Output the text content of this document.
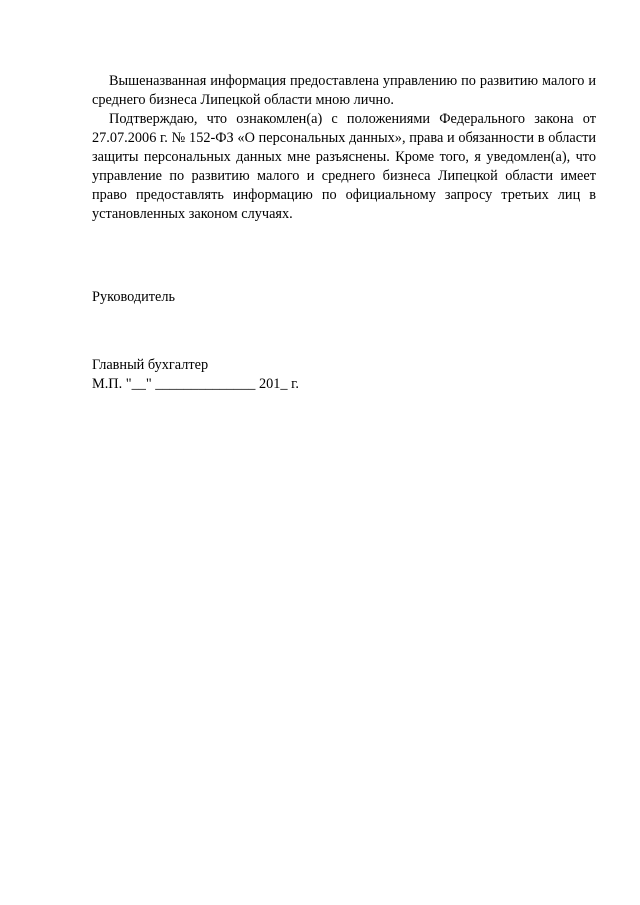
Вышеназванная информация предоставлена управлению по развитию малого и среднего бизнеса Липецкой области мною лично.

Подтверждаю, что ознакомлен(а) с положениями Федерального закона от 27.07.2006 г. № 152-ФЗ «О персональных данных», права и обязанности в области защиты персональных данных мне разъяснены. Кроме того, я уведомлен(а), что управление по развитию малого и среднего бизнеса Липецкой области имеет право предоставлять информацию по официальному запросу третьих лиц в установленных законом случаях.

Руководитель
Главный бухгалтер
М.П. "__" ______________ 201_ г.
